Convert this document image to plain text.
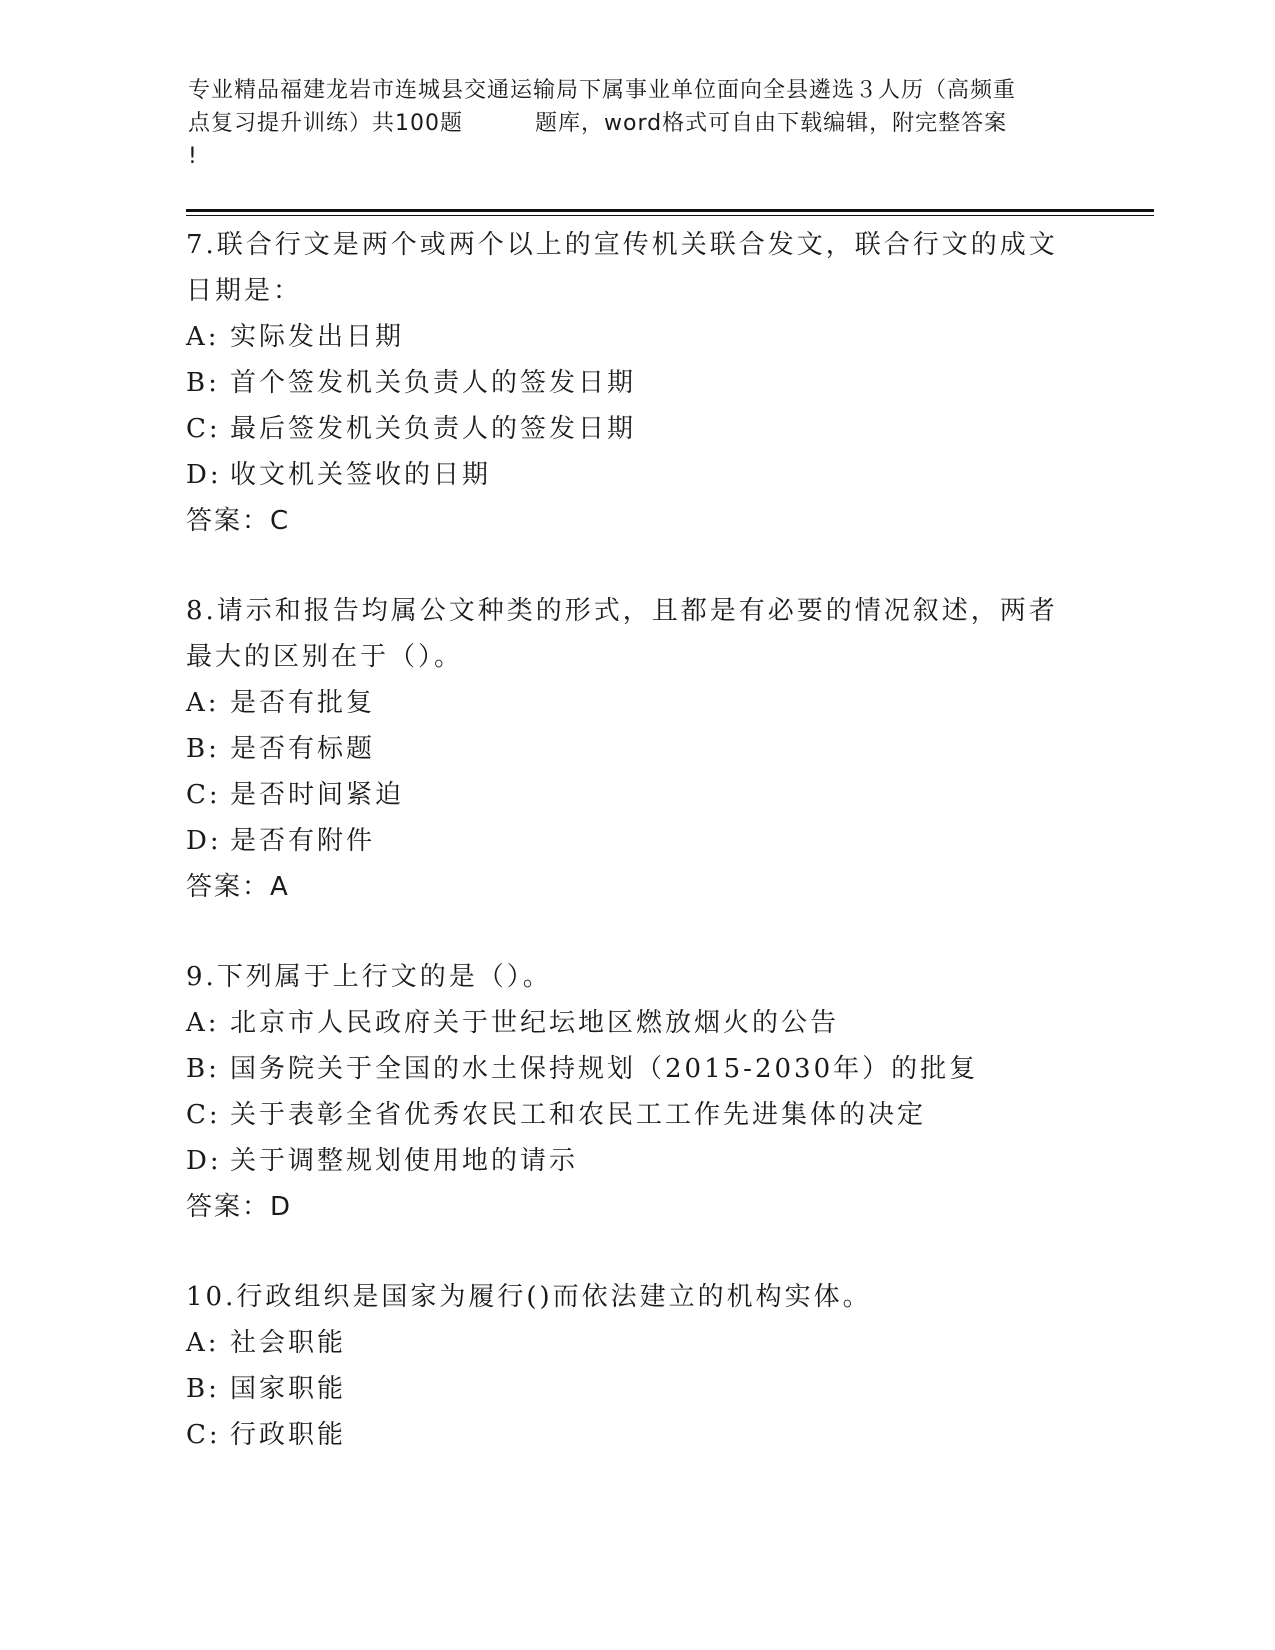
专业精品福建龙岩市连城县交通运输局下属事业单位面向全县遴选３人历（高频重
点复习提升训练）共100题	题库，word格式可自由下载编辑，附完整答案
!
7.联合行文是两个或两个以上的宣传机关联合发文，联合行文的成文
日期是：
A: 实际发出日期
B: 首个签发机关负责人的签发日期
C: 最后签发机关负责人的签发日期
D: 收文机关签收的日期
答案：C
8.请示和报告均属公文种类的形式，且都是有必要的情况叙述，两者
最大的区别在于（）。
A: 是否有批复
B: 是否有标题
C: 是否时间紧迫
D: 是否有附件
答案：A
9.下列属于上行文的是（）。
A: 北京市人民政府关于世纪坛地区燃放烟火的公告
B: 国务院关于全国的水土保持规划（2015-2030年）的批复
C: 关于表彰全省优秀农民工和农民工工作先进集体的决定
D: 关于调整规划使用地的请示
答案：D
10.行政组织是国家为履行()而依法建立的机构实体。
A: 社会职能
B: 国家职能
C: 行政职能
